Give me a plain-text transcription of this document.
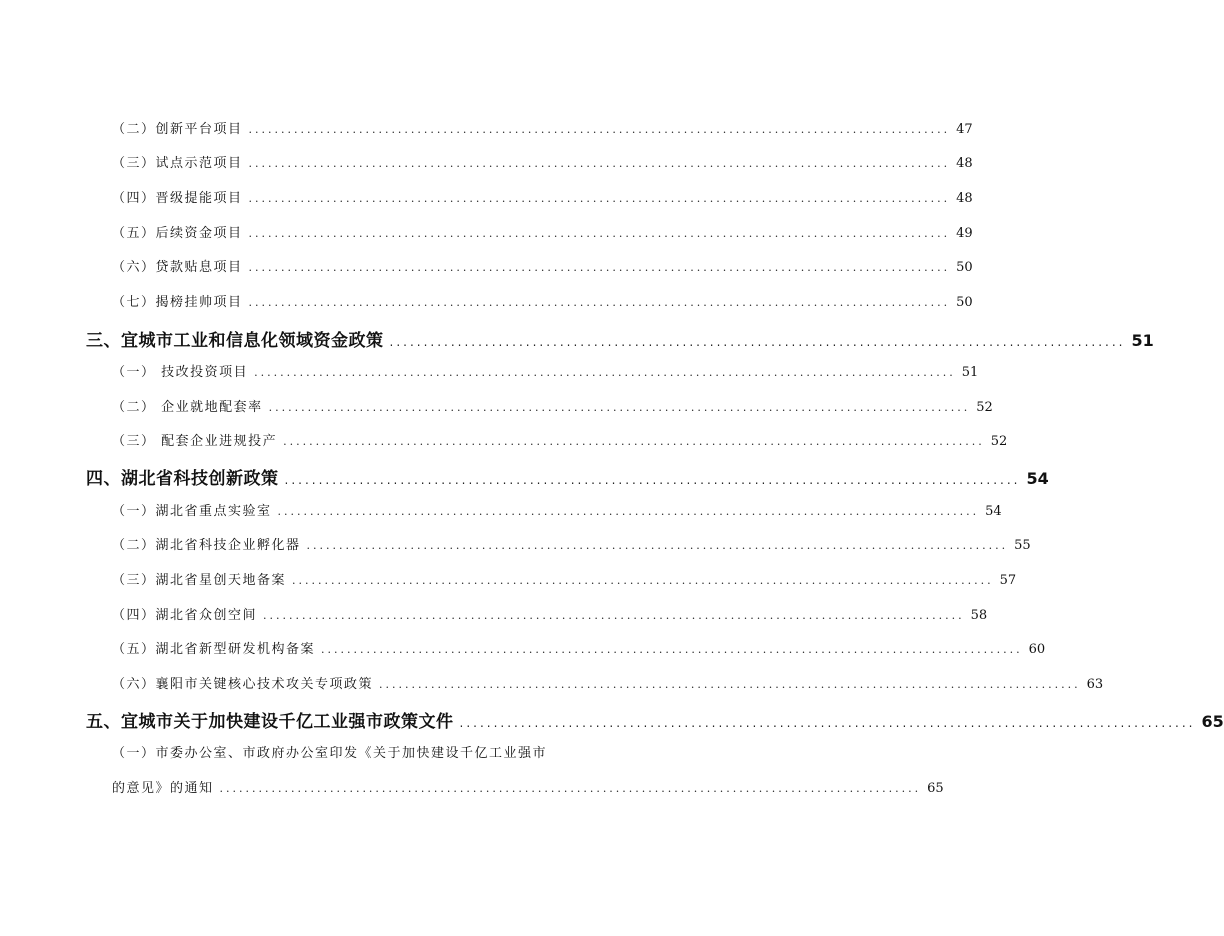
（二）创新平台项目 ............................................................................................................ 47
（三）试点示范项目 ............................................................................................................ 48
（四）晋级提能项目 ............................................................................................................ 48
（五）后续资金项目 ............................................................................................................ 49
（六）贷款贴息项目 ............................................................................................................ 50
（七）揭榜挂帅项目 ............................................................................................................ 50
三、宜城市工业和信息化领域资金政策 ............................................................................................................ 51
（一） 技改投资项目 ............................................................................................................ 51
（二） 企业就地配套率 ............................................................................................................ 52
（三） 配套企业进规投产 ............................................................................................................ 52
四、湖北省科技创新政策 ............................................................................................................ 54
（一）湖北省重点实验室 ............................................................................................................ 54
（二）湖北省科技企业孵化器 ............................................................................................................ 55
（三）湖北省星创天地备案 ............................................................................................................ 57
（四）湖北省众创空间 ............................................................................................................ 58
（五）湖北省新型研发机构备案 ............................................................................................................ 60
（六）襄阳市关键核心技术攻关专项政策 ............................................................................................................ 63
五、宜城市关于加快建设千亿工业强市政策文件 ............................................................................................................ 65
（一）市委办公室、市政府办公室印发《关于加快建设千亿工业强市
的意见》的通知 ............................................................................................................ 65
